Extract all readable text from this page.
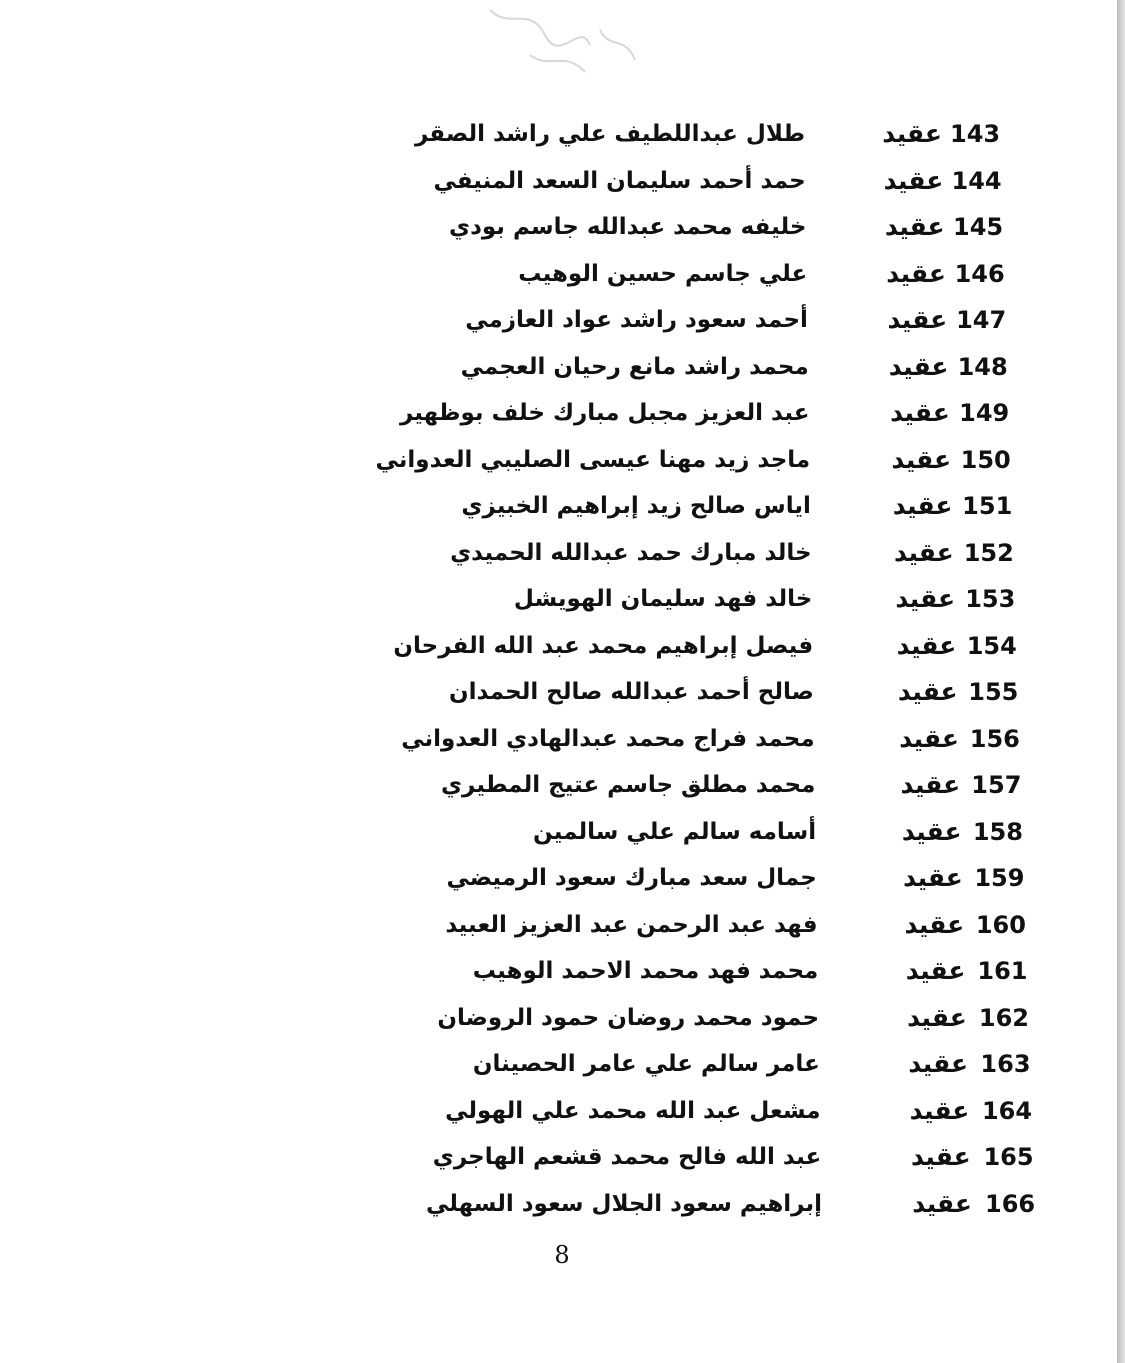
143
عقيد
طلال عبداللطيف علي راشد الصقر
144
عقيد
حمد أحمد سليمان السعد المنيفي
145
عقيد
خليفه محمد عبدالله جاسم بودي
146
عقيد
علي جاسم حسين الوهيب
147
عقيد
أحمد سعود راشد عواد العازمي
148
عقيد
محمد راشد مانع رحيان العجمي
149
عقيد
عبد العزيز مجبل مبارك خلف بوظهير
150
عقيد
ماجد زيد مهنا عيسى الصليبي العدواني
151
عقيد
اياس صالح زيد إبراهيم الخبيزي
152
عقيد
خالد مبارك حمد عبدالله الحميدي
153
عقيد
خالد فهد سليمان الهويشل
154
عقيد
فيصل إبراهيم محمد عبد الله الفرحان
155
عقيد
صالح أحمد عبدالله صالح الحمدان
156
عقيد
محمد فراج محمد عبدالهادي العدواني
157
عقيد
محمد مطلق جاسم عتيج المطيري
158
عقيد
أسامه سالم علي سالمين
159
عقيد
جمال سعد مبارك سعود الرميضي
160
عقيد
فهد عبد الرحمن عبد العزيز العبيد
161
عقيد
محمد فهد محمد الاحمد الوهيب
162
عقيد
حمود محمد روضان حمود الروضان
163
عقيد
عامر سالم علي عامر الحصينان
164
عقيد
مشعل عبد الله محمد علي الهولي
165
عقيد
عبد الله فالح محمد قشعم الهاجري
166
عقيد
إبراهيم سعود الجلال سعود السهلي
8
